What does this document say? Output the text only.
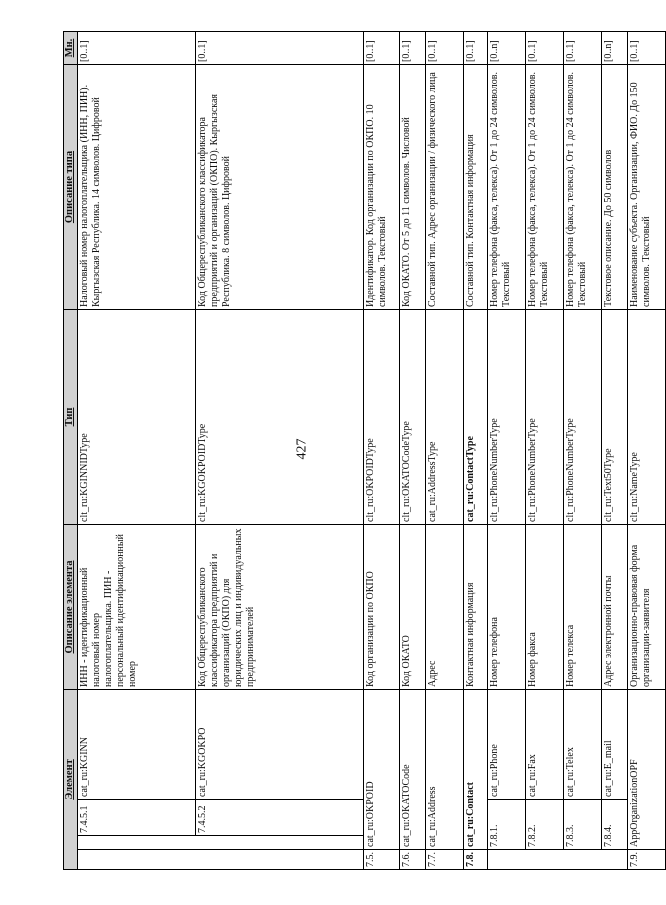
427
Элемент				Описание элемента	Тип	Описание типа	Мн.
		7.4.5.1	cat_ru:KGINN	ИНН - идентификационный налоговый номер налогоплательщика. ПИН - персональный идентификационный номер	clt_ru:KGINNIDType	Налоговый номер налогоплательщика (ИНН, ПИН). Кыргызская Республика. 14 символов. Цифровой	[0..1]
		7.4.5.2	cat_ru:KGOKPO	Код Общереспубликанского классификатора предприятий и организаций (ОКПО) для юридических лиц и индивидуальных предпринимателей	clt_ru:KGOKPOIDType	Код Общереспубликанского классификатора предприятий и организаций (ОКПО). Кыргызская Республика. 8 символов. Цифровой	[0..1]
7.5.	cat_ru:OKPOID			Код организации по ОКПО	clt_ru:OKPOIDType	Идентификатор. Код организации по ОКПО. 10 символов. Текстовый	[0..1]
7.6.	cat_ru:OKATOCode			Код ОКАТО	clt_ru:OKATOCodeType	Код ОКАТО. От 5 до 11 символов. Числовой	[0..1]
7.7.	cat_ru:Address			Адрес	cat_ru:AddressType	Составной тип. Адрес организации / физического лица	[0..1]
7.8.	cat_ru:Contact			Контактная информация	cat_ru:ContactType	Составной тип. Контактная информация	[0..1]
	7.8.1.		cat_ru:Phone	Номер телефона	clt_ru:PhoneNumberType	Номер телефона (факса, телекса). От 1 до 24 символов. Текстовый	[0..n]
	7.8.2.		cat_ru:Fax	Номер факса	clt_ru:PhoneNumberType	Номер телефона (факса, телекса). От 1 до 24 символов. Текстовый	[0..1]
	7.8.3.		cat_ru:Telex	Номер телекса	clt_ru:PhoneNumberType	Номер телефона (факса, телекса). От 1 до 24 символов. Текстовый	[0..1]
	7.8.4.		cat_ru:E_mail	Адрес электронной почты	clt_ru:Text50Type	Текстовое описание. До 50 символов	[0..n]
7.9.	AppOrganizationOPF			Организационно-правовая форма организации-заявителя	clt_ru:NameType	Наименование субъекта. Организации, ФИО. До 150 символов. Текстовый	[0..1]
